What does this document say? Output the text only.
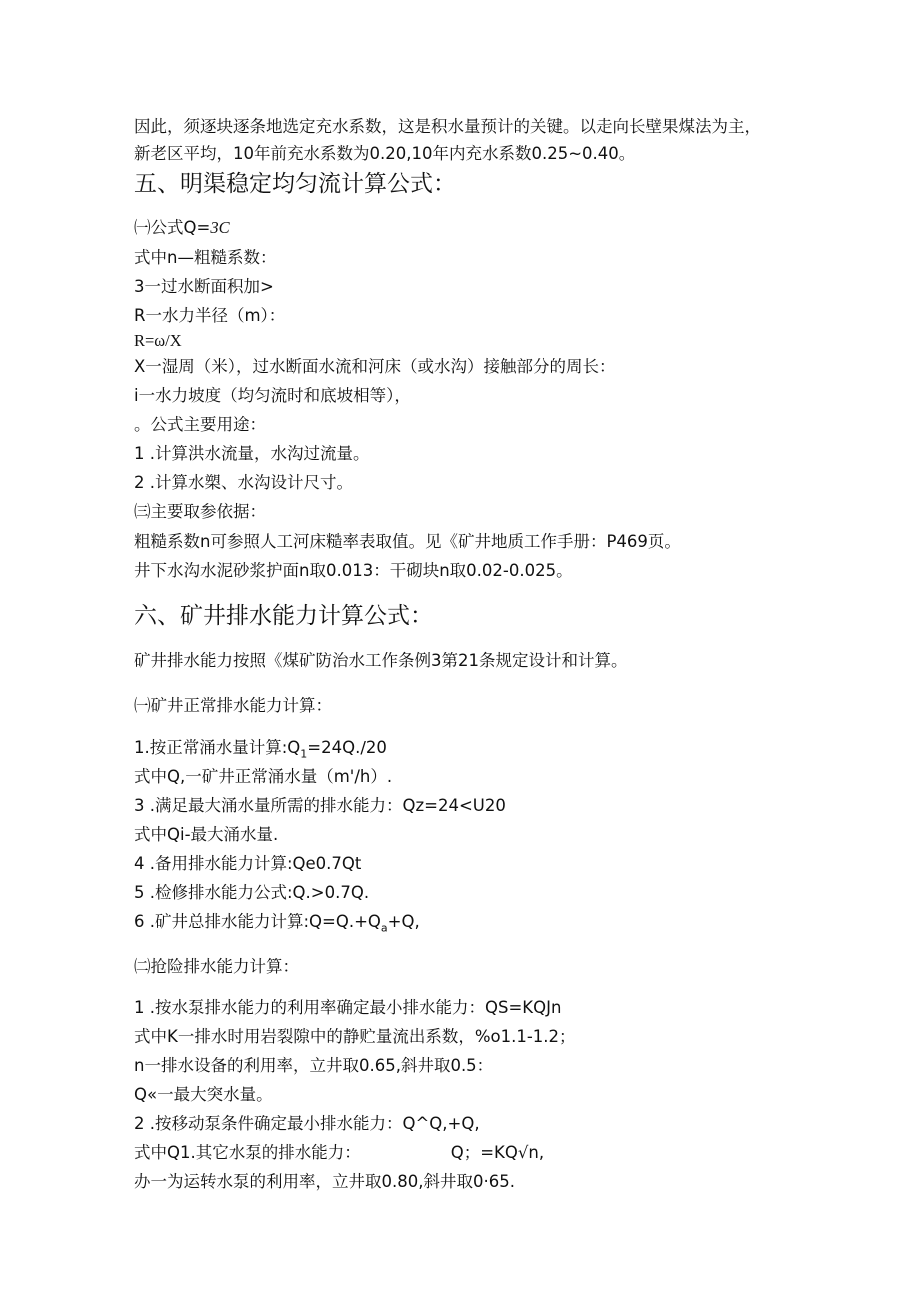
因此，须逐块逐条地选定充水系数，这是积水量预计的关键。以走向长壁果煤法为主，
新老区平均，10年前充水系数为0.20,10年内充水系数0.25~0.40。
五、明渠稳定均匀流计算公式：
㈠公式Q=3C
式中n—粗糙系数：
3一过水断面积加>
R一水力半径（m）：
R=ω/X
X一湿周（米），过水断面水流和河床（或水沟）接触部分的周长：
i一水力坡度（均匀流时和底坡相等），
。公式主要用途：
1 .计算洪水流量，水沟过流量。
2 .计算水槊、水沟设计尺寸。
㈢主要取参依据：
粗糙系数n可参照人工河床糙率表取值。见《矿井地质工作手册：P469页。
井下水沟水泥砂浆护面n取0.013：干砌块n取0.02-0.025。
六、矿井排水能力计算公式：
矿井排水能力按照《煤矿防治水工作条例3第21条规定设计和计算。
㈠矿井正常排水能力计算：
1.按正常涌水量计算$:Q_1=24Q.∕20$
式中Q,一矿井正常涌水量（m'/h）.
3 .满足最大涌水量所需的排水能力：Qz=24<U20
式中Qi-最大涌水量.
4 .备用排水能力计算:Qe0.7Qt
5 .检修排水能力公式:Q.>0.7Q.
6 .矿井总排水能力计算$:Q=Q.+Q_a+Q$,
㈡抢险排水能力计算：
1 .按水泵排水能力的利用率确定最小排水能力：QS=KQJn
式中K一排水时用岩裂隙中的静贮量流出系数，%o1.1-1.2；
n一排水设备的利用率，立井取0.65,斜井取0.5：
Q«一最大突水量。
2 .按移动泵条件确定最小排水能力：Q^Q,+Q,
式中Q1.其它水泵的排水能力：	Q；=KQ√n,
办一为运转水泵的利用率，立井取0.80,斜井取0·65.
